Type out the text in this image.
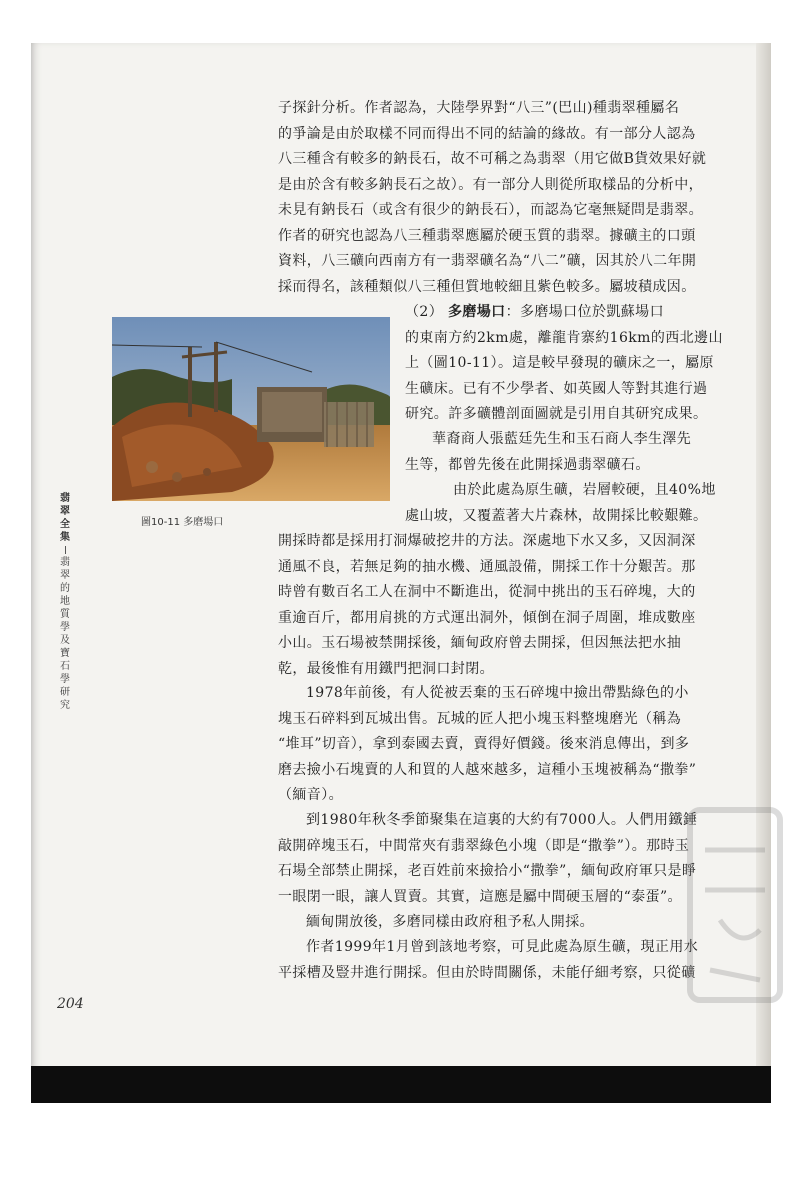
子探針分析。作者認為，大陸學界對“八三”(巴山)種翡翠種屬名
的爭論是由於取樣不同而得出不同的結論的緣故。有一部分人認為
八三種含有較多的鈉長石，故不可稱之為翡翠（用它做B貨效果好就
是由於含有較多鈉長石之故）。有一部分人則從所取樣品的分析中，
未見有鈉長石（或含有很少的鈉長石），而認為它毫無疑問是翡翠。
作者的研究也認為八三種翡翠應屬於硬玉質的翡翠。據礦主的口頭
資料，八三礦向西南方有一翡翠礦名為“八二”礦，因其於八二年開
採而得名，該種類似八三種但質地較細且紫色較多。屬坡積成因。
（2） 多磨場口：多磨場口位於凱蘇場口
的東南方約2km處，離龍肯寨約16km的西北邊山
上（圖10-11）。這是較早發現的礦床之一，屬原
生礦床。已有不少學者、如英國人等對其進行過
研究。許多礦體剖面圖就是引用自其研究成果。
華裔商人張藍廷先生和玉石商人李生澤先
生等，都曾先後在此開採過翡翠礦石。
由於此處為原生礦，岩層較硬，且40%地
處山坡，又覆蓋著大片森林，故開採比較艱難。
開採時都是採用打洞爆破挖井的方法。深處地下水又多，又因洞深
通風不良，若無足夠的抽水機、通風設備，開採工作十分艱苦。那
時曾有數百名工人在洞中不斷進出，從洞中挑出的玉石碎塊，大的
重逾百斤，都用肩挑的方式運出洞外，傾倒在洞子周圍，堆成數座
小山。玉石場被禁開採後，緬甸政府曾去開採，但因無法把水抽
乾，最後惟有用鐵門把洞口封閉。
1978年前後，有人從被丟棄的玉石碎塊中撿出帶點綠色的小
塊玉石碎料到瓦城出售。瓦城的匠人把小塊玉料整塊磨光（稱為
“堆耳”切音），拿到泰國去賣，賣得好價錢。後來消息傳出，到多
磨去撿小石塊賣的人和買的人越來越多，這種小玉塊被稱為“撒拳”
（緬音）。
到1980年秋冬季節聚集在這裏的大約有7000人。人們用鐵錘
敲開碎塊玉石，中間常夾有翡翠綠色小塊（即是“撒拳”）。那時玉
石場全部禁止開採，老百姓前來撿拾小“撒拳”，緬甸政府軍只是睜
一眼閉一眼，讓人買賣。其實，這應是屬中間硬玉層的“泰蛋”。
緬甸開放後，多磨同樣由政府租予私人開採。
作者1999年1月曾到該地考察，可見此處為原生礦，現正用水
平採槽及豎井進行開採。但由於時間關係，未能仔細考察，只從礦
圖10-11 多磨場口
翡
翠
全
集
翡
翠
的
地
質
學
及
寶
石
學
研
究
204
